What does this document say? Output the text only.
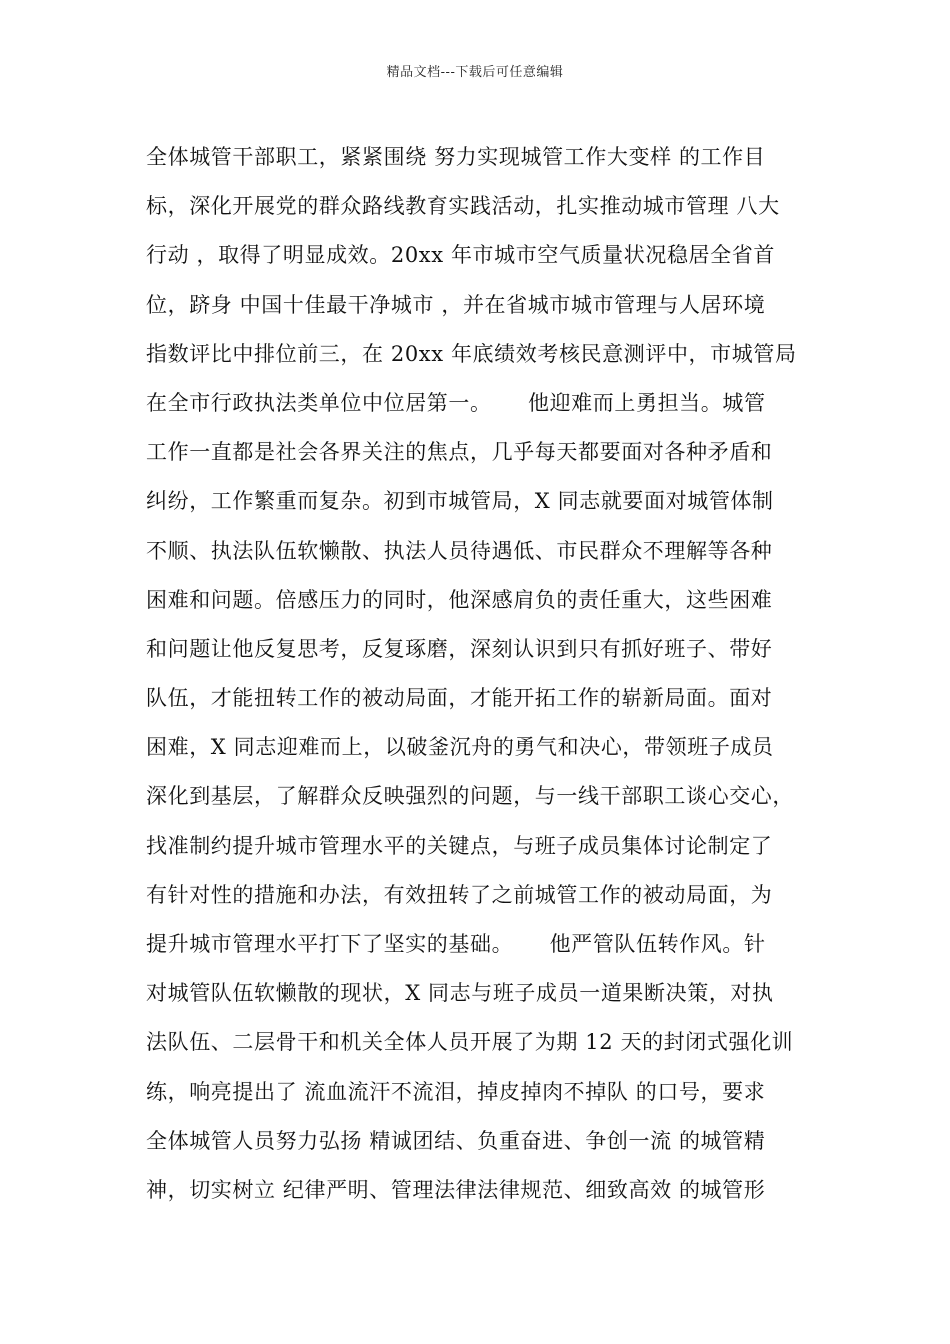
精品文档---下载后可任意编辑
全体城管干部职工，紧紧围绕 努力实现城管工作大变样 的工作目
标，深化开展党的群众路线教育实践活动，扎实推动城市管理 八大
行动 ，取得了明显成效。20xx 年市城市空气质量状况稳居全省首
位，跻身 中国十佳最干净城市 ，并在省城市城市管理与人居环境
指数评比中排位前三，在 20xx 年底绩效考核民意测评中，市城管局
在全市行政执法类单位中位居第一。     他迎难而上勇担当。城管
工作一直都是社会各界关注的焦点，几乎每天都要面对各种矛盾和
纠纷，工作繁重而复杂。初到市城管局，X 同志就要面对城管体制
不顺、执法队伍软懒散、执法人员待遇低、市民群众不理解等各种
困难和问题。倍感压力的同时，他深感肩负的责任重大，这些困难
和问题让他反复思考，反复琢磨，深刻认识到只有抓好班子、带好
队伍，才能扭转工作的被动局面，才能开拓工作的崭新局面。面对
困难，X 同志迎难而上，以破釜沉舟的勇气和决心，带领班子成员
深化到基层，了解群众反映强烈的问题，与一线干部职工谈心交心，
找准制约提升城市管理水平的关键点，与班子成员集体讨论制定了
有针对性的措施和办法，有效扭转了之前城管工作的被动局面，为
提升城市管理水平打下了坚实的基础。     他严管队伍转作风。针
对城管队伍软懒散的现状，X 同志与班子成员一道果断决策，对执
法队伍、二层骨干和机关全体人员开展了为期 12 天的封闭式强化训
练，响亮提出了 流血流汗不流泪，掉皮掉肉不掉队 的口号，要求
全体城管人员努力弘扬 精诚团结、负重奋进、争创一流 的城管精
神，切实树立 纪律严明、管理法律法律规范、细致高效 的城管形
